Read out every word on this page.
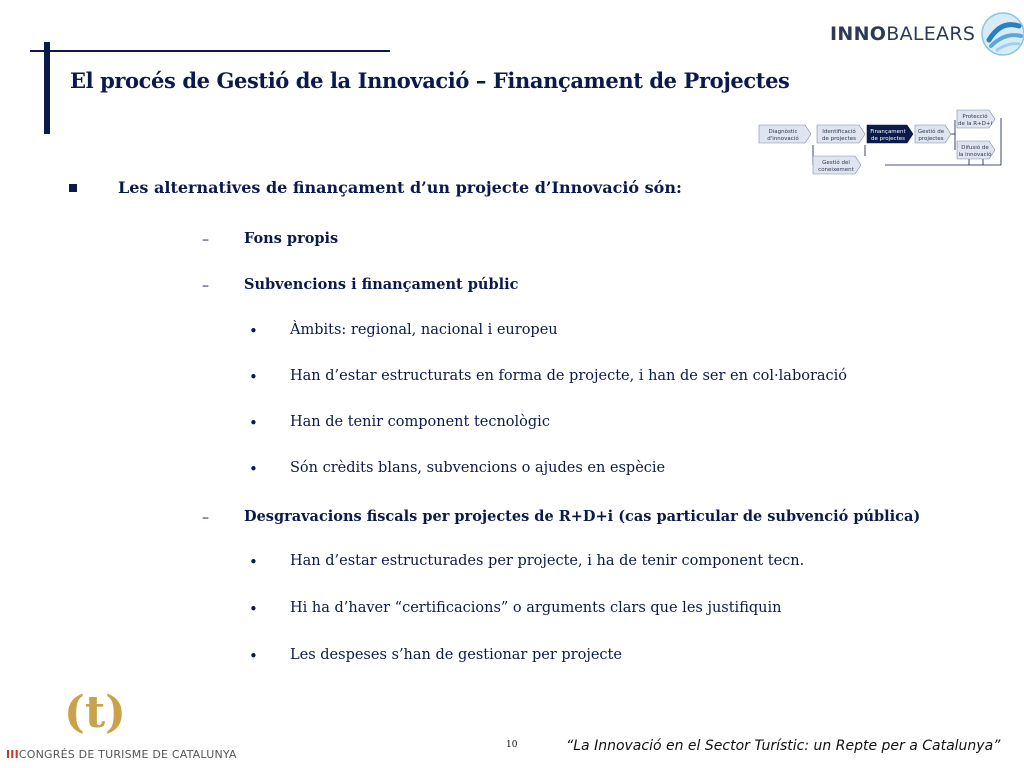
El procés de Gestió de la Innovació – Finançament de Projectes
INNOBALEARS
Diagnòstic
d'innovació
Identificació
de projectes
Finançament
de projectes
Gestió de
projectes
Protecció
de la R+D+i
Difusió de
la innovació
Gestió del
coneixement
Les alternatives de finançament d’un projecte d’Innovació són:
– Fons propis
– Subvencions i finançament públic
• Àmbits: regional, nacional i europeu
• Han d’estar estructurats en forma de projecte, i han de ser en col·laboració
• Han de tenir component tecnològic
• Són crèdits blans, subvencions o ajudes en espècie
– Desgravacions fiscals per projectes de R+D+i (cas particular de subvenció pública)
• Han d’estar estructurades per projecte, i ha de tenir component tecn.
• Hi ha d’haver “certificacions” o arguments clars que les justifiquin
• Les despeses s’han de gestionar per projecte
(t)
IIICONGRÉS DE TURISME DE CATALUNYA
10	“La Innovació en el Sector Turístic: un Repte per a Catalunya”
